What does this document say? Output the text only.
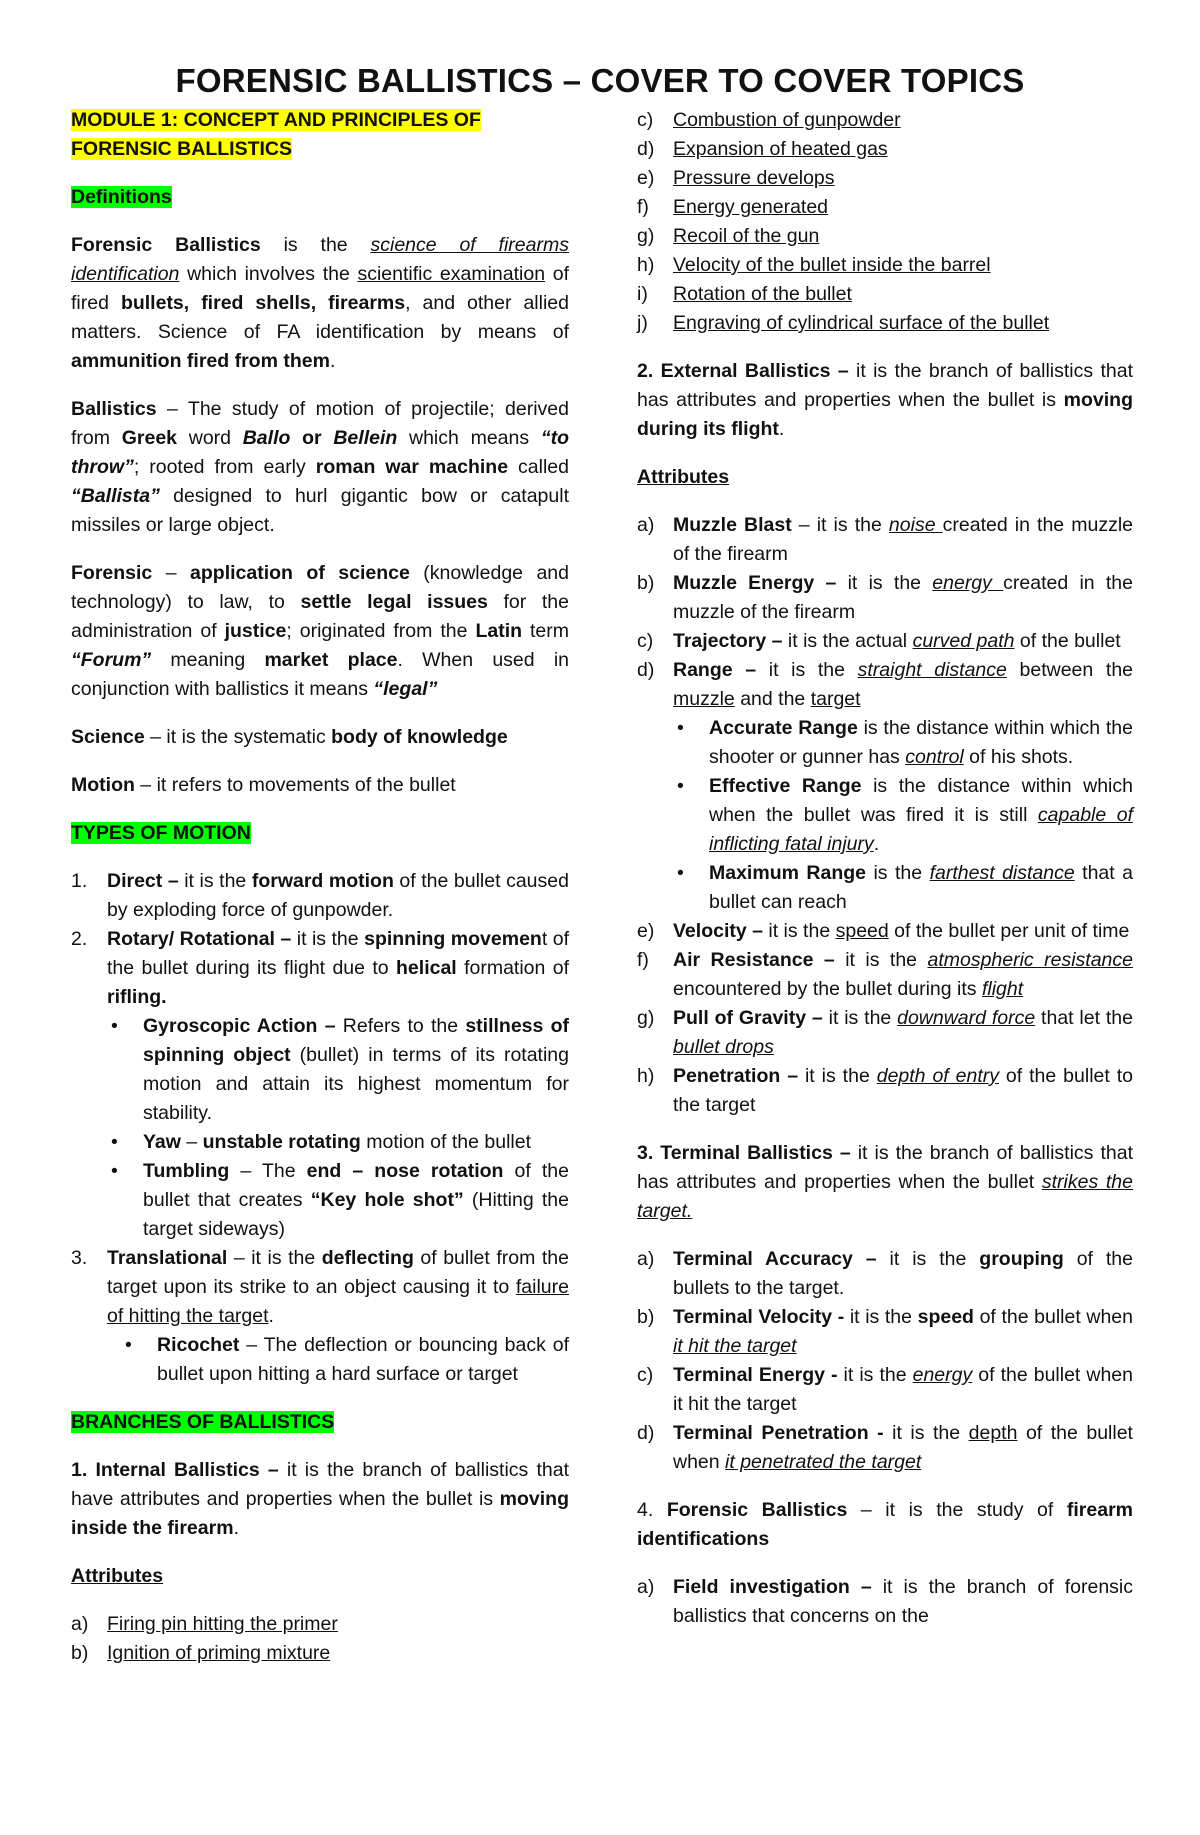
FORENSIC BALLISTICS – COVER TO COVER TOPICS

MODULE 1: CONCEPT AND PRINCIPLES OF FORENSIC BALLISTICS

Definitions

Forensic Ballistics is the science of firearms identification which involves the scientific examination of fired bullets, fired shells, firearms, and other allied matters. Science of FA identification by means of ammunition fired from them.

Ballistics – The study of motion of projectile; derived from Greek word Ballo or Bellein which means “to throw”; rooted from early roman war machine called “Ballista” designed to hurl gigantic bow or catapult missiles or large object.

Forensic – application of science (knowledge and technology) to law, to settle legal issues for the administration of justice; originated from the Latin term “Forum” meaning market place. When used in conjunction with ballistics it means “legal”

Science – it is the systematic body of knowledge

Motion – it refers to movements of the bullet

TYPES OF MOTION

1. Direct – it is the forward motion of the bullet caused by exploding force of gunpowder.
2. Rotary/ Rotational – it is the spinning movement of the bullet during its flight due to helical formation of rifling.
• Gyroscopic Action – Refers to the stillness of spinning object (bullet) in terms of its rotating motion and attain its highest momentum for stability.
• Yaw – unstable rotating motion of the bullet
• Tumbling – The end – nose rotation of the bullet that creates “Key hole shot” (Hitting the target sideways)
3. Translational – it is the deflecting of bullet from the target upon its strike to an object causing it to failure of hitting the target.
• Ricochet – The deflection or bouncing back of bullet upon hitting a hard surface or target

BRANCHES OF BALLISTICS

1. Internal Ballistics – it is the branch of ballistics that have attributes and properties when the bullet is moving inside the firearm.

Attributes

a) Firing pin hitting the primer
b) Ignition of priming mixture
c) Combustion of gunpowder
d) Expansion of heated gas
e) Pressure develops
f) Energy generated
g) Recoil of the gun
h) Velocity of the bullet inside the barrel
i) Rotation of the bullet
j) Engraving of cylindrical surface of the bullet

2. External Ballistics – it is the branch of ballistics that has attributes and properties when the bullet is moving during its flight.

Attributes

a) Muzzle Blast – it is the noise created in the muzzle of the firearm
b) Muzzle Energy – it is the energy created in the muzzle of the firearm
c) Trajectory – it is the actual curved path of the bullet
d) Range – it is the straight distance between the muzzle and the target
• Accurate Range is the distance within which the shooter or gunner has control of his shots.
• Effective Range is the distance within which when the bullet was fired it is still capable of inflicting fatal injury.
• Maximum Range is the farthest distance that a bullet can reach
e) Velocity – it is the speed of the bullet per unit of time
f) Air Resistance – it is the atmospheric resistance encountered by the bullet during its flight
g) Pull of Gravity – it is the downward force that let the bullet drops
h) Penetration – it is the depth of entry of the bullet to the target

3. Terminal Ballistics – it is the branch of ballistics that has attributes and properties when the bullet strikes the target.

a) Terminal Accuracy – it is the grouping of the bullets to the target.
b) Terminal Velocity - it is the speed of the bullet when it hit the target
c) Terminal Energy - it is the energy of the bullet when it hit the target
d) Terminal Penetration - it is the depth of the bullet when it penetrated the target

4. Forensic Ballistics – it is the study of firearm identifications

a) Field investigation – it is the branch of forensic ballistics that concerns on the
